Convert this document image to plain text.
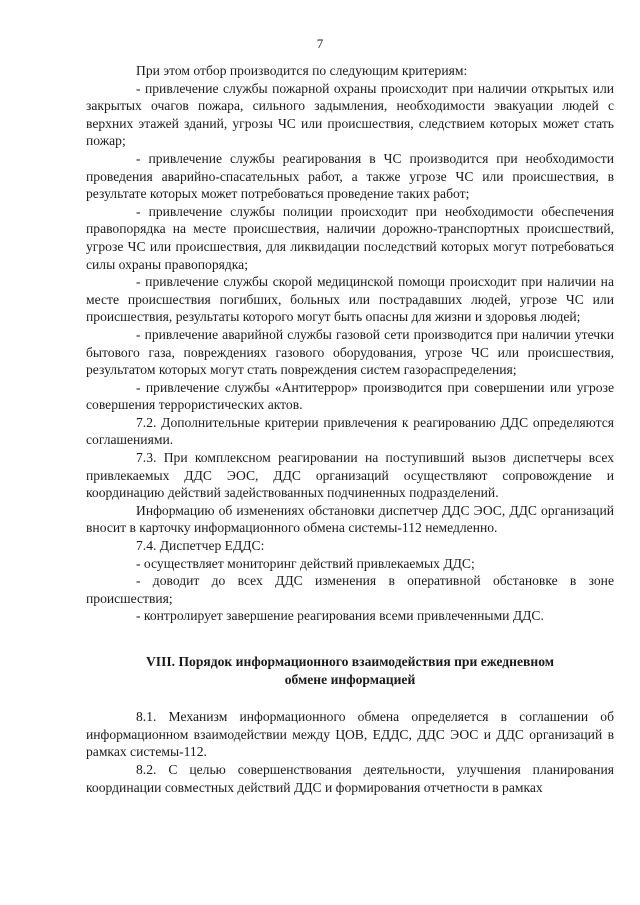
7

При этом отбор производится по следующим критериям:

- привлечение службы пожарной охраны происходит при наличии открытых или закрытых очагов пожара, сильного задымления, необходимости эвакуации людей с верхних этажей зданий, угрозы ЧС или происшествия, следствием которых может стать пожар;

- привлечение службы реагирования в ЧС производится при необходимости проведения аварийно-спасательных работ, а также угрозе ЧС или происшествия, в результате которых может потребоваться проведение таких работ;

- привлечение службы полиции происходит при необходимости обеспечения правопорядка на месте происшествия, наличии дорожно-транспортных происшествий, угрозе ЧС или происшествия, для ликвидации последствий которых могут потребоваться силы охраны правопорядка;

- привлечение службы скорой медицинской помощи происходит при наличии на месте происшествия погибших, больных или пострадавших людей, угрозе ЧС или происшествия, результаты которого могут быть опасны для жизни и здоровья людей;

- привлечение аварийной службы газовой сети производится при наличии утечки бытового газа, повреждениях газового оборудования, угрозе ЧС или происшествия, результатом которых могут стать повреждения систем газораспределения;

- привлечение службы «Антитеррор» производится при совершении или угрозе совершения террористических актов.

7.2. Дополнительные критерии привлечения к реагированию ДДС определяются соглашениями.

7.3. При комплексном реагировании на поступивший вызов диспетчеры всех привлекаемых ДДС ЭОС, ДДС организаций осуществляют сопровождение и координацию действий задействованных подчиненных подразделений.

Информацию об изменениях обстановки диспетчер ДДС ЭОС, ДДС организаций вносит в карточку информационного обмена системы-112 немедленно.

7.4. Диспетчер ЕДДС:

- осуществляет мониторинг действий привлекаемых ДДС;

- доводит до всех ДДС изменения в оперативной обстановке в зоне происшествия;

- контролирует завершение реагирования всеми привлеченными ДДС.

VIII. Порядок информационного взаимодействия при ежедневном
обмене информацией

8.1. Механизм информационного обмена определяется в соглашении об информационном взаимодействии между ЦОВ, ЕДДС, ДДС ЭОС и ДДС организаций в рамках системы-112.

8.2. С целью совершенствования деятельности, улучшения планирования координации совместных действий ДДС и формирования отчетности в рамках
